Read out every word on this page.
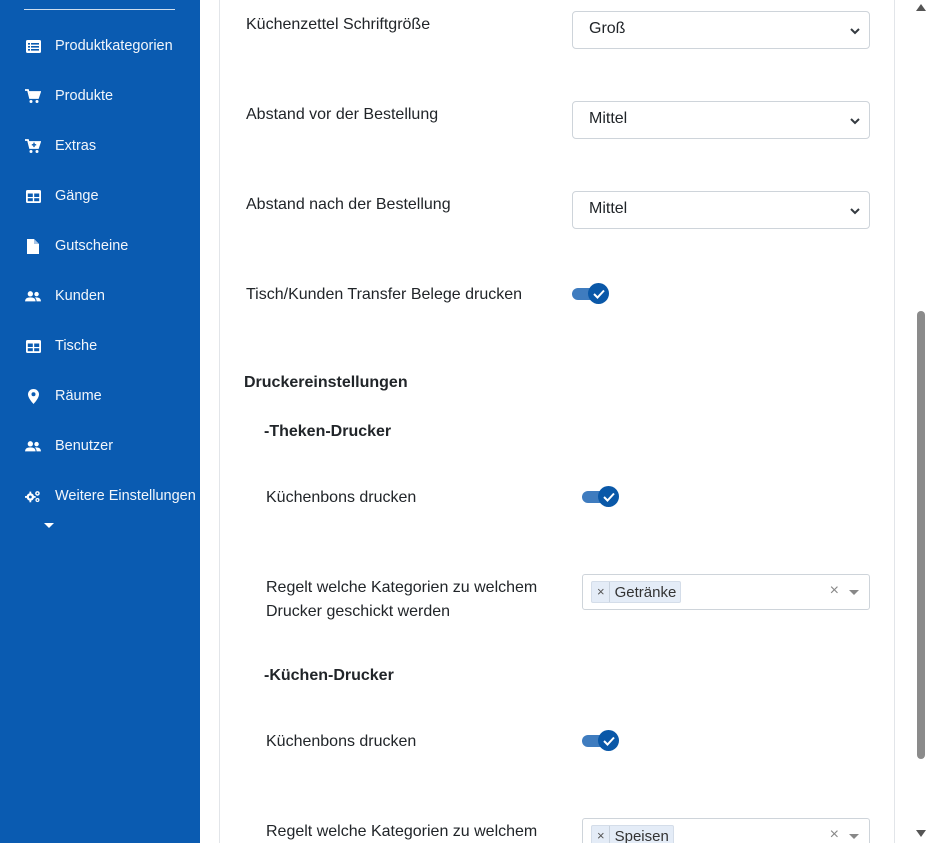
Produktkategorien
Produkte
Extras
Gänge
Gutscheine
Kunden
Tische
Räume
Benutzer
Weitere Einstellungen
Küchenzettel Schriftgröße	Groß
Abstand vor der Bestellung	Mittel
Abstand nach der Bestellung	Mittel
Tisch/Kunden Transfer Belege drucken
Druckereinstellungen
-Theken-Drucker
Küchenbons drucken
Regelt welche Kategorien zu welchem
Drucker geschickt werden
× Getränke	×
-Küchen-Drucker
Küchenbons drucken
Regelt welche Kategorien zu welchem	× Speisen	×
